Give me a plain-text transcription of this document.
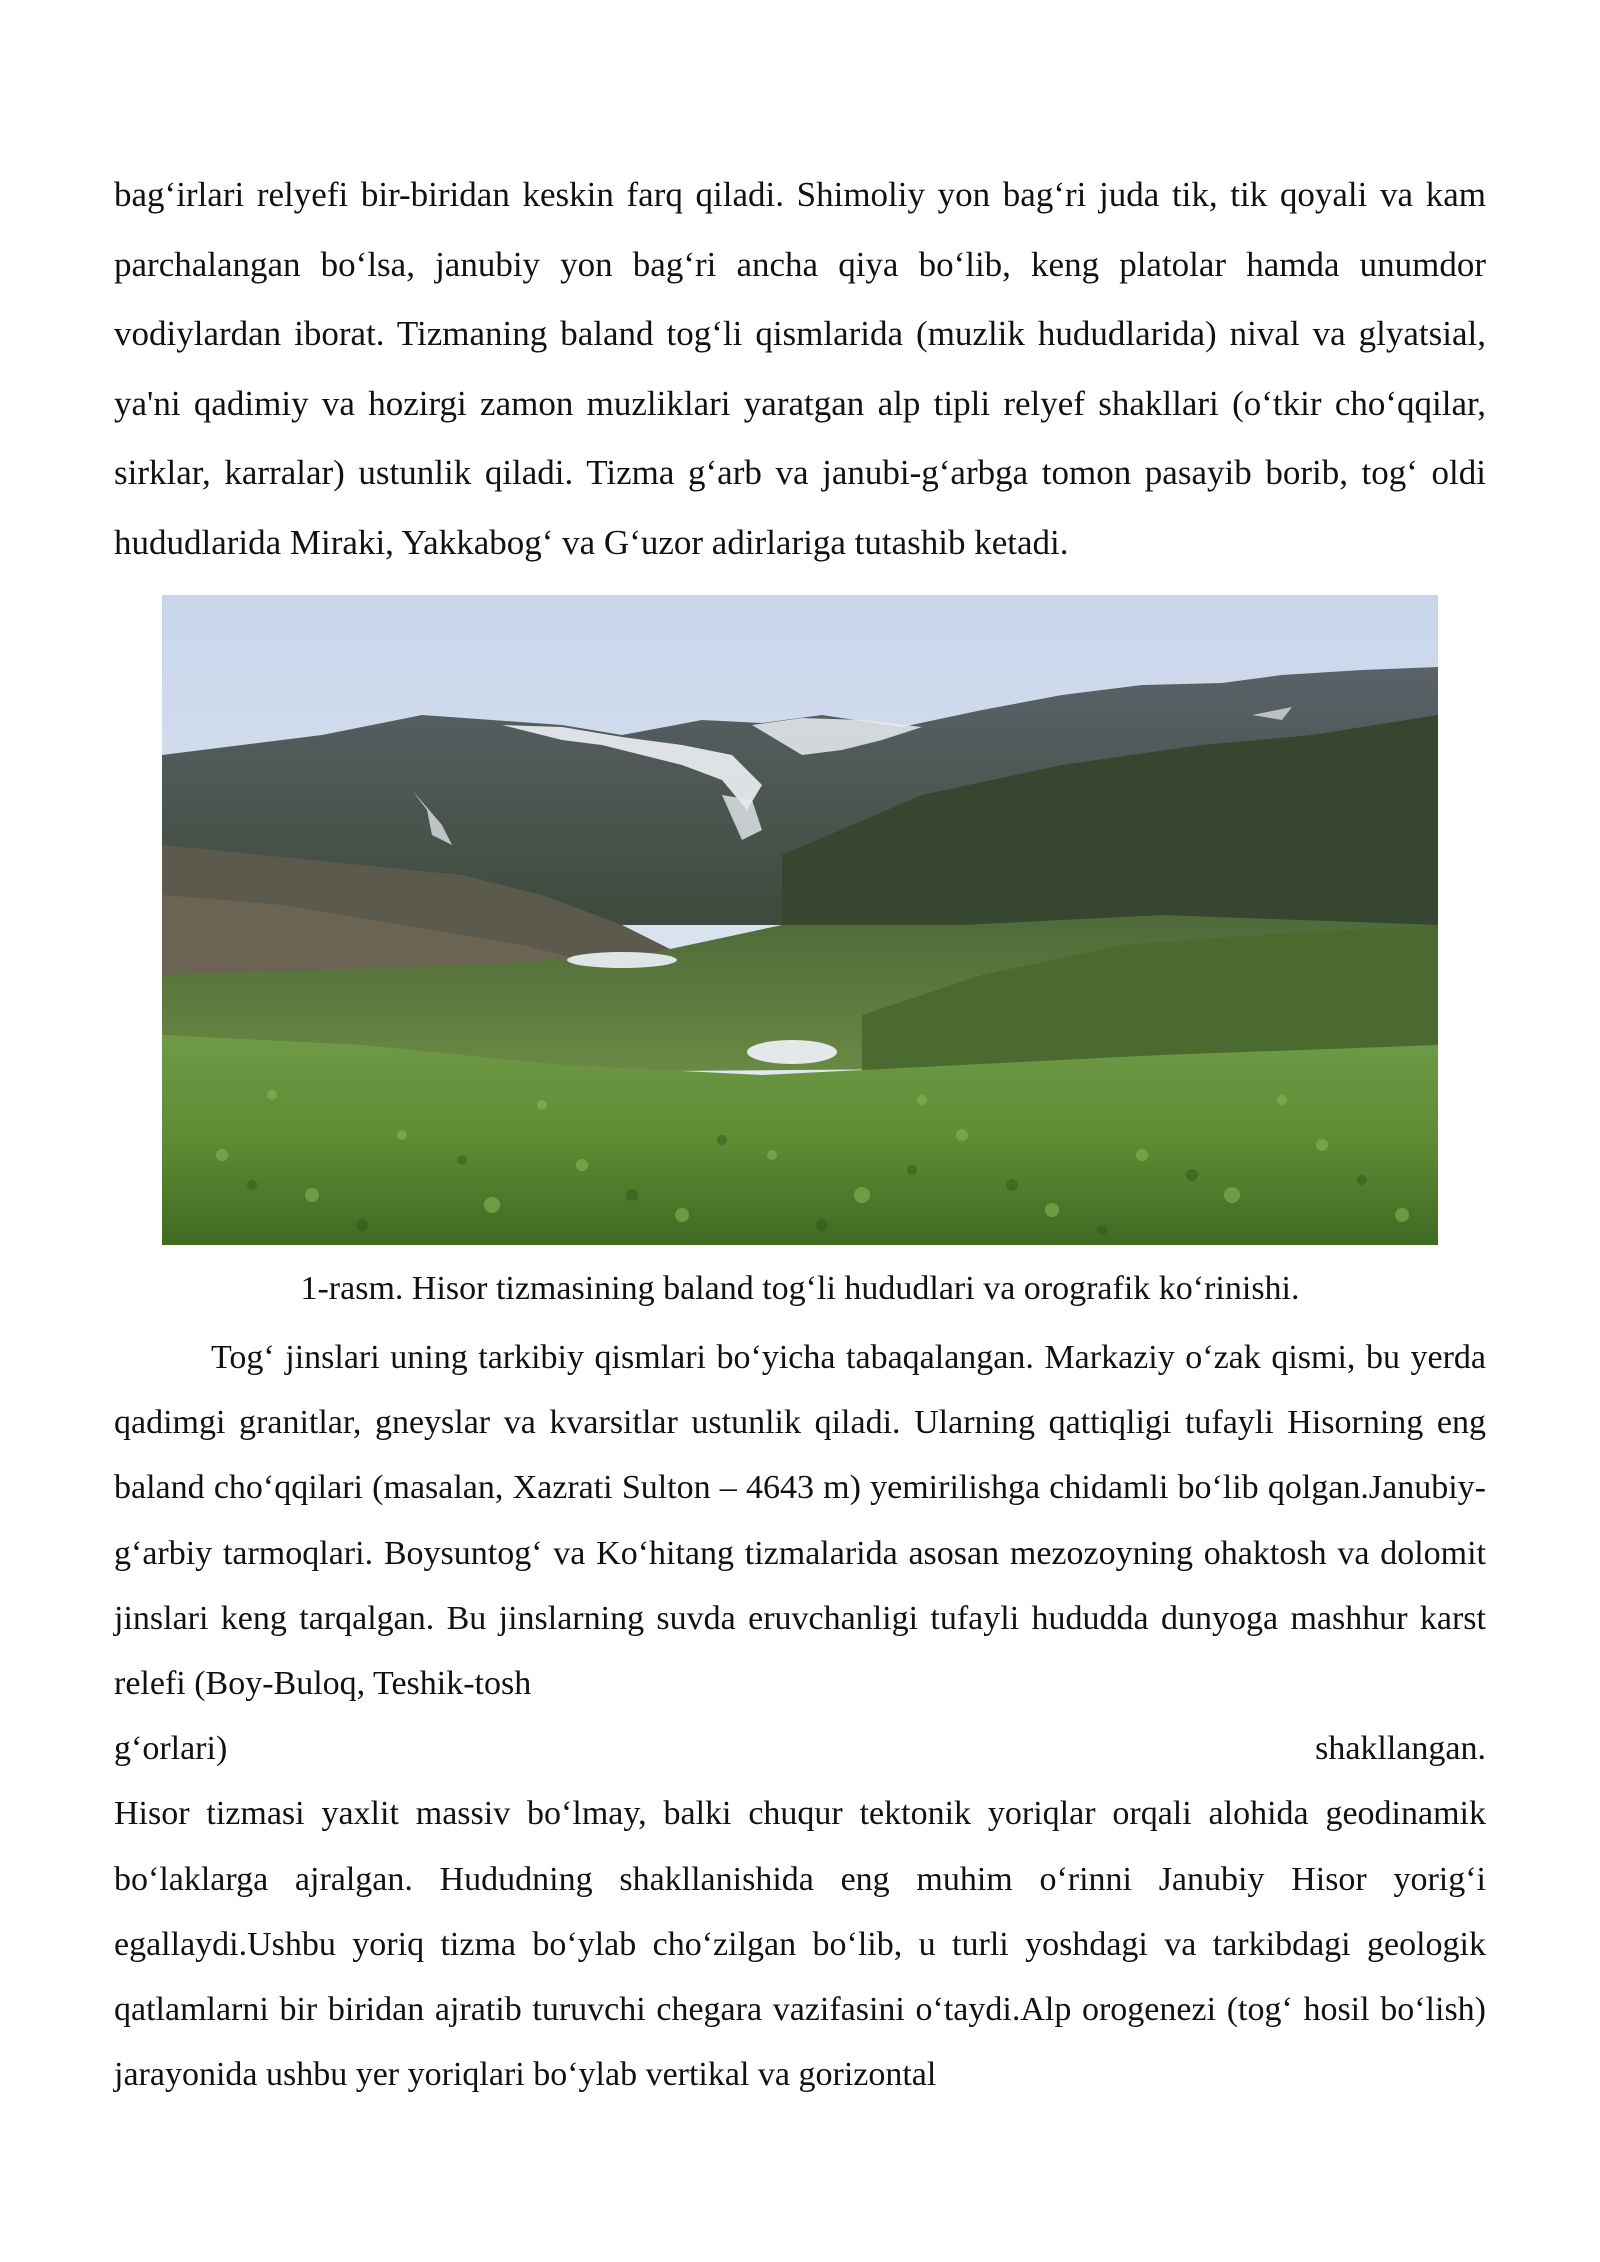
bag‘irlari relyefi bir-biridan keskin farq qiladi. Shimoliy yon bag‘ri juda tik, tik qoyali va kam parchalangan bo‘lsa, janubiy yon bag‘ri ancha qiya bo‘lib, keng platolar hamda unumdor vodiylardan iborat. Tizmaning baland tog‘li qismlarida (muzlik hududlarida) nival va glyatsial, ya'ni qadimiy va hozirgi zamon muzliklari yaratgan alp tipli relyef shakllari (o‘tkir cho‘qqilar, sirklar, karralar) ustunlik qiladi. Tizma g‘arb va janubi-g‘arbga tomon pasayib borib, tog‘ oldi hududlarida Miraki, Yakkabog‘ va G‘uzor adirlariga tutashib ketadi.

1-rasm. Hisor tizmasining baland tog‘li hududlari va orografik ko‘rinishi.

Tog‘ jinslari uning tarkibiy qismlari bo‘yicha tabaqalangan. Markaziy o‘zak qismi, bu yerda qadimgi granitlar, gneyslar va kvarsitlar ustunlik qiladi. Ularning qattiqligi tufayli Hisorning eng baland cho‘qqilari (masalan, Xazrati Sulton – 4643 m) yemirilishga chidamli bo‘lib qolgan.Janubiy-g‘arbiy tarmoqlari. Boysuntog‘ va Ko‘hitang tizmalarida asosan mezozoyning ohaktosh va dolomit jinslari keng tarqalgan. Bu jinslarning suvda eruvchanligi tufayli hududda dunyoga mashhur karst relefi (Boy-Buloq, Teshik-tosh

g‘orlari)	shakllangan.

Hisor tizmasi yaxlit massiv bo‘lmay, balki chuqur tektonik yoriqlar orqali alohida geodinamik bo‘laklarga ajralgan. Hududning shakllanishida eng muhim o‘rinni Janubiy Hisor yorig‘i egallaydi.Ushbu yoriq tizma bo‘ylab cho‘zilgan bo‘lib, u turli yoshdagi va tarkibdagi geologik qatlamlarni bir biridan ajratib turuvchi chegara vazifasini o‘taydi.Alp orogenezi (tog‘ hosil bo‘lish) jarayonida ushbu yer yoriqlari bo‘ylab vertikal va gorizontal
